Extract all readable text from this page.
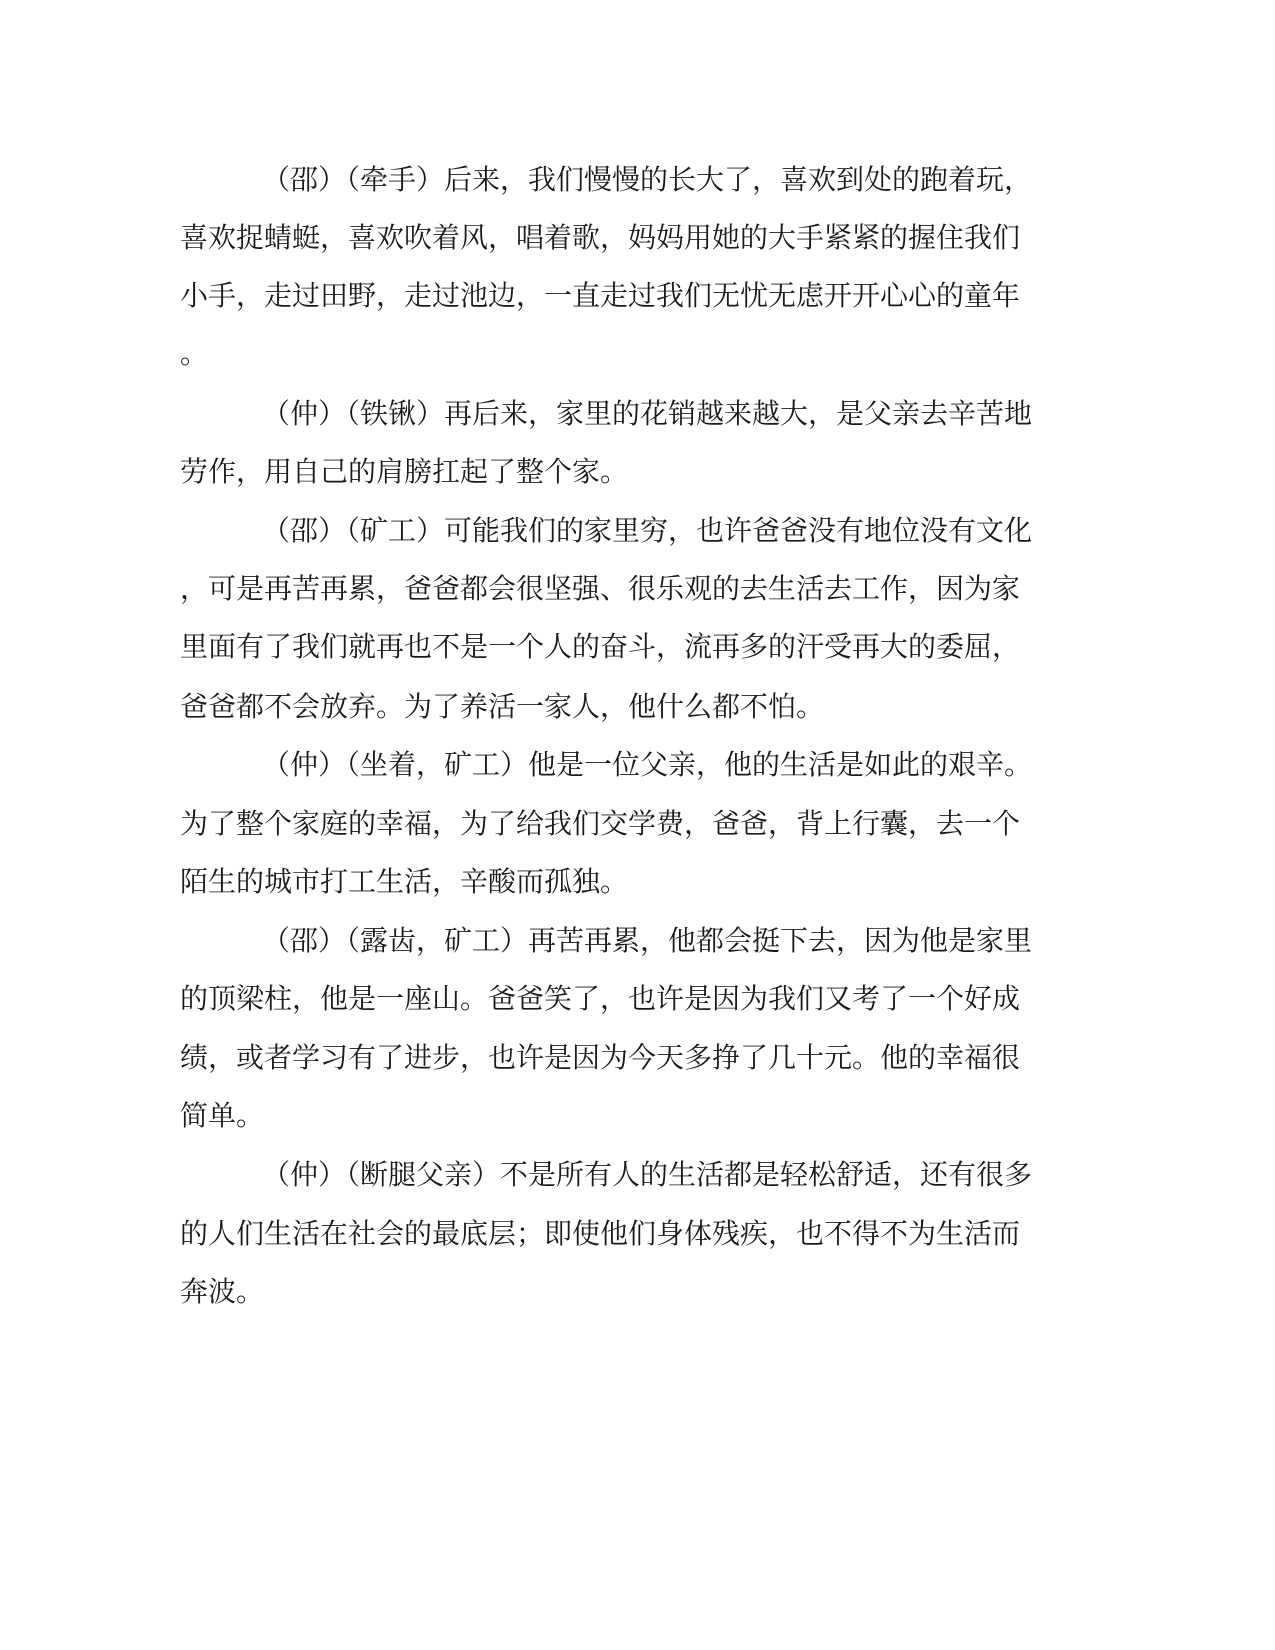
（邵）（牵手）后来，我们慢慢的长大了，喜欢到处的跑着玩，
喜欢捉蜻蜓，喜欢吹着风，唱着歌，妈妈用她的大手紧紧的握住我们
小手，走过田野，走过池边，一直走过我们无忧无虑开开心心的童年
。
（仲）（铁锹）再后来，家里的花销越来越大，是父亲去辛苦地
劳作，用自己的肩膀扛起了整个家。
（邵）（矿工）可能我们的家里穷，也许爸爸没有地位没有文化
，可是再苦再累，爸爸都会很坚强、很乐观的去生活去工作，因为家
里面有了我们就再也不是一个人的奋斗，流再多的汗受再大的委屈，
爸爸都不会放弃。为了养活一家人，他什么都不怕。
（仲）（坐着，矿工）他是一位父亲，他的生活是如此的艰辛。
为了整个家庭的幸福，为了给我们交学费，爸爸，背上行囊，去一个
陌生的城市打工生活，辛酸而孤独。
（邵）（露齿，矿工）再苦再累，他都会挺下去，因为他是家里
的顶梁柱，他是一座山。爸爸笑了，也许是因为我们又考了一个好成
绩，或者学习有了进步，也许是因为今天多挣了几十元。他的幸福很
简单。
（仲）（断腿父亲）不是所有人的生活都是轻松舒适，还有很多
的人们生活在社会的最底层；即使他们身体残疾，也不得不为生活而
奔波。
